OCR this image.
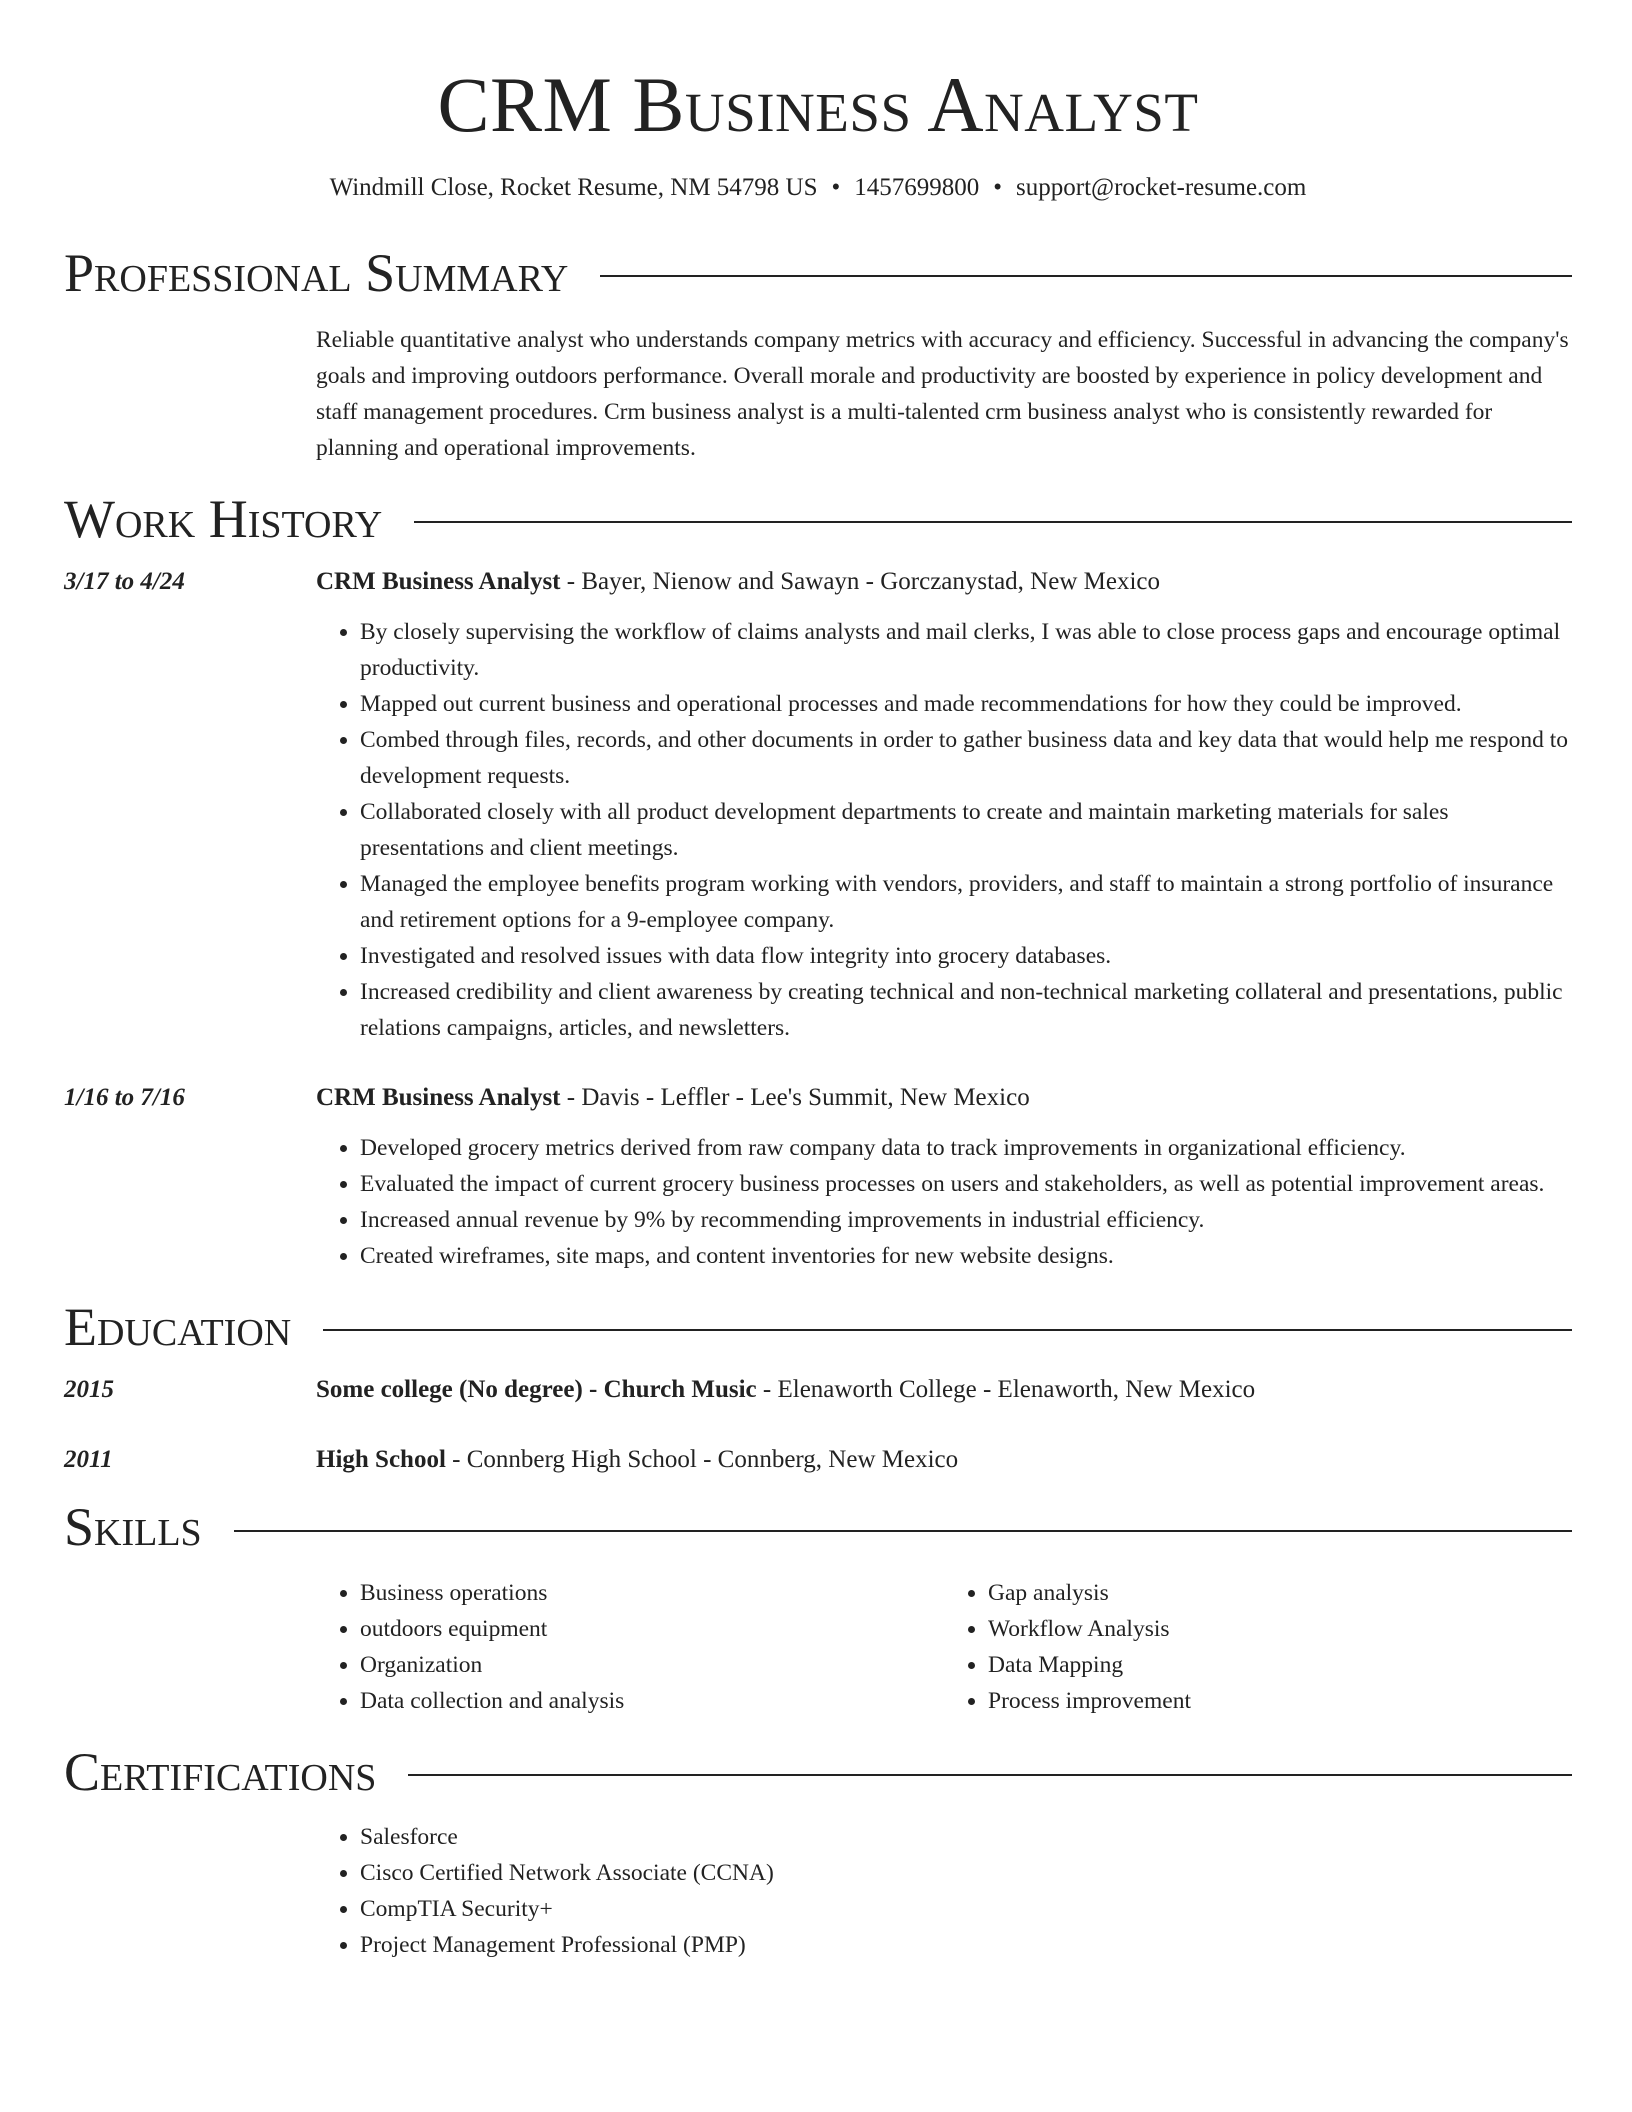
CRM Business Analyst
Windmill Close, Rocket Resume, NM 54798 US • 1457699800 • support@rocket-resume.com
Professional Summary
Reliable quantitative analyst who understands company metrics with accuracy and efficiency. Successful in advancing the company's goals and improving outdoors performance. Overall morale and productivity are boosted by experience in policy development and staff management procedures. Crm business analyst is a multi-talented crm business analyst who is consistently rewarded for planning and operational improvements.
Work History
3/17 to 4/24	CRM Business Analyst - Bayer, Nienow and Sawayn - Gorczanystad, New Mexico
• By closely supervising the workflow of claims analysts and mail clerks, I was able to close process gaps and encourage optimal productivity.
• Mapped out current business and operational processes and made recommendations for how they could be improved.
• Combed through files, records, and other documents in order to gather business data and key data that would help me respond to development requests.
• Collaborated closely with all product development departments to create and maintain marketing materials for sales presentations and client meetings.
• Managed the employee benefits program working with vendors, providers, and staff to maintain a strong portfolio of insurance and retirement options for a 9-employee company.
• Investigated and resolved issues with data flow integrity into grocery databases.
• Increased credibility and client awareness by creating technical and non-technical marketing collateral and presentations, public relations campaigns, articles, and newsletters.
1/16 to 7/16	CRM Business Analyst - Davis - Leffler - Lee's Summit, New Mexico
• Developed grocery metrics derived from raw company data to track improvements in organizational efficiency.
• Evaluated the impact of current grocery business processes on users and stakeholders, as well as potential improvement areas.
• Increased annual revenue by 9% by recommending improvements in industrial efficiency.
• Created wireframes, site maps, and content inventories for new website designs.
Education
2015	Some college (No degree) - Church Music - Elenaworth College - Elenaworth, New Mexico
2011	High School - Connberg High School - Connberg, New Mexico
Skills
• Business operations
• outdoors equipment
• Organization
• Data collection and analysis
• Gap analysis
• Workflow Analysis
• Data Mapping
• Process improvement
Certifications
• Salesforce
• Cisco Certified Network Associate (CCNA)
• CompTIA Security+
• Project Management Professional (PMP)
